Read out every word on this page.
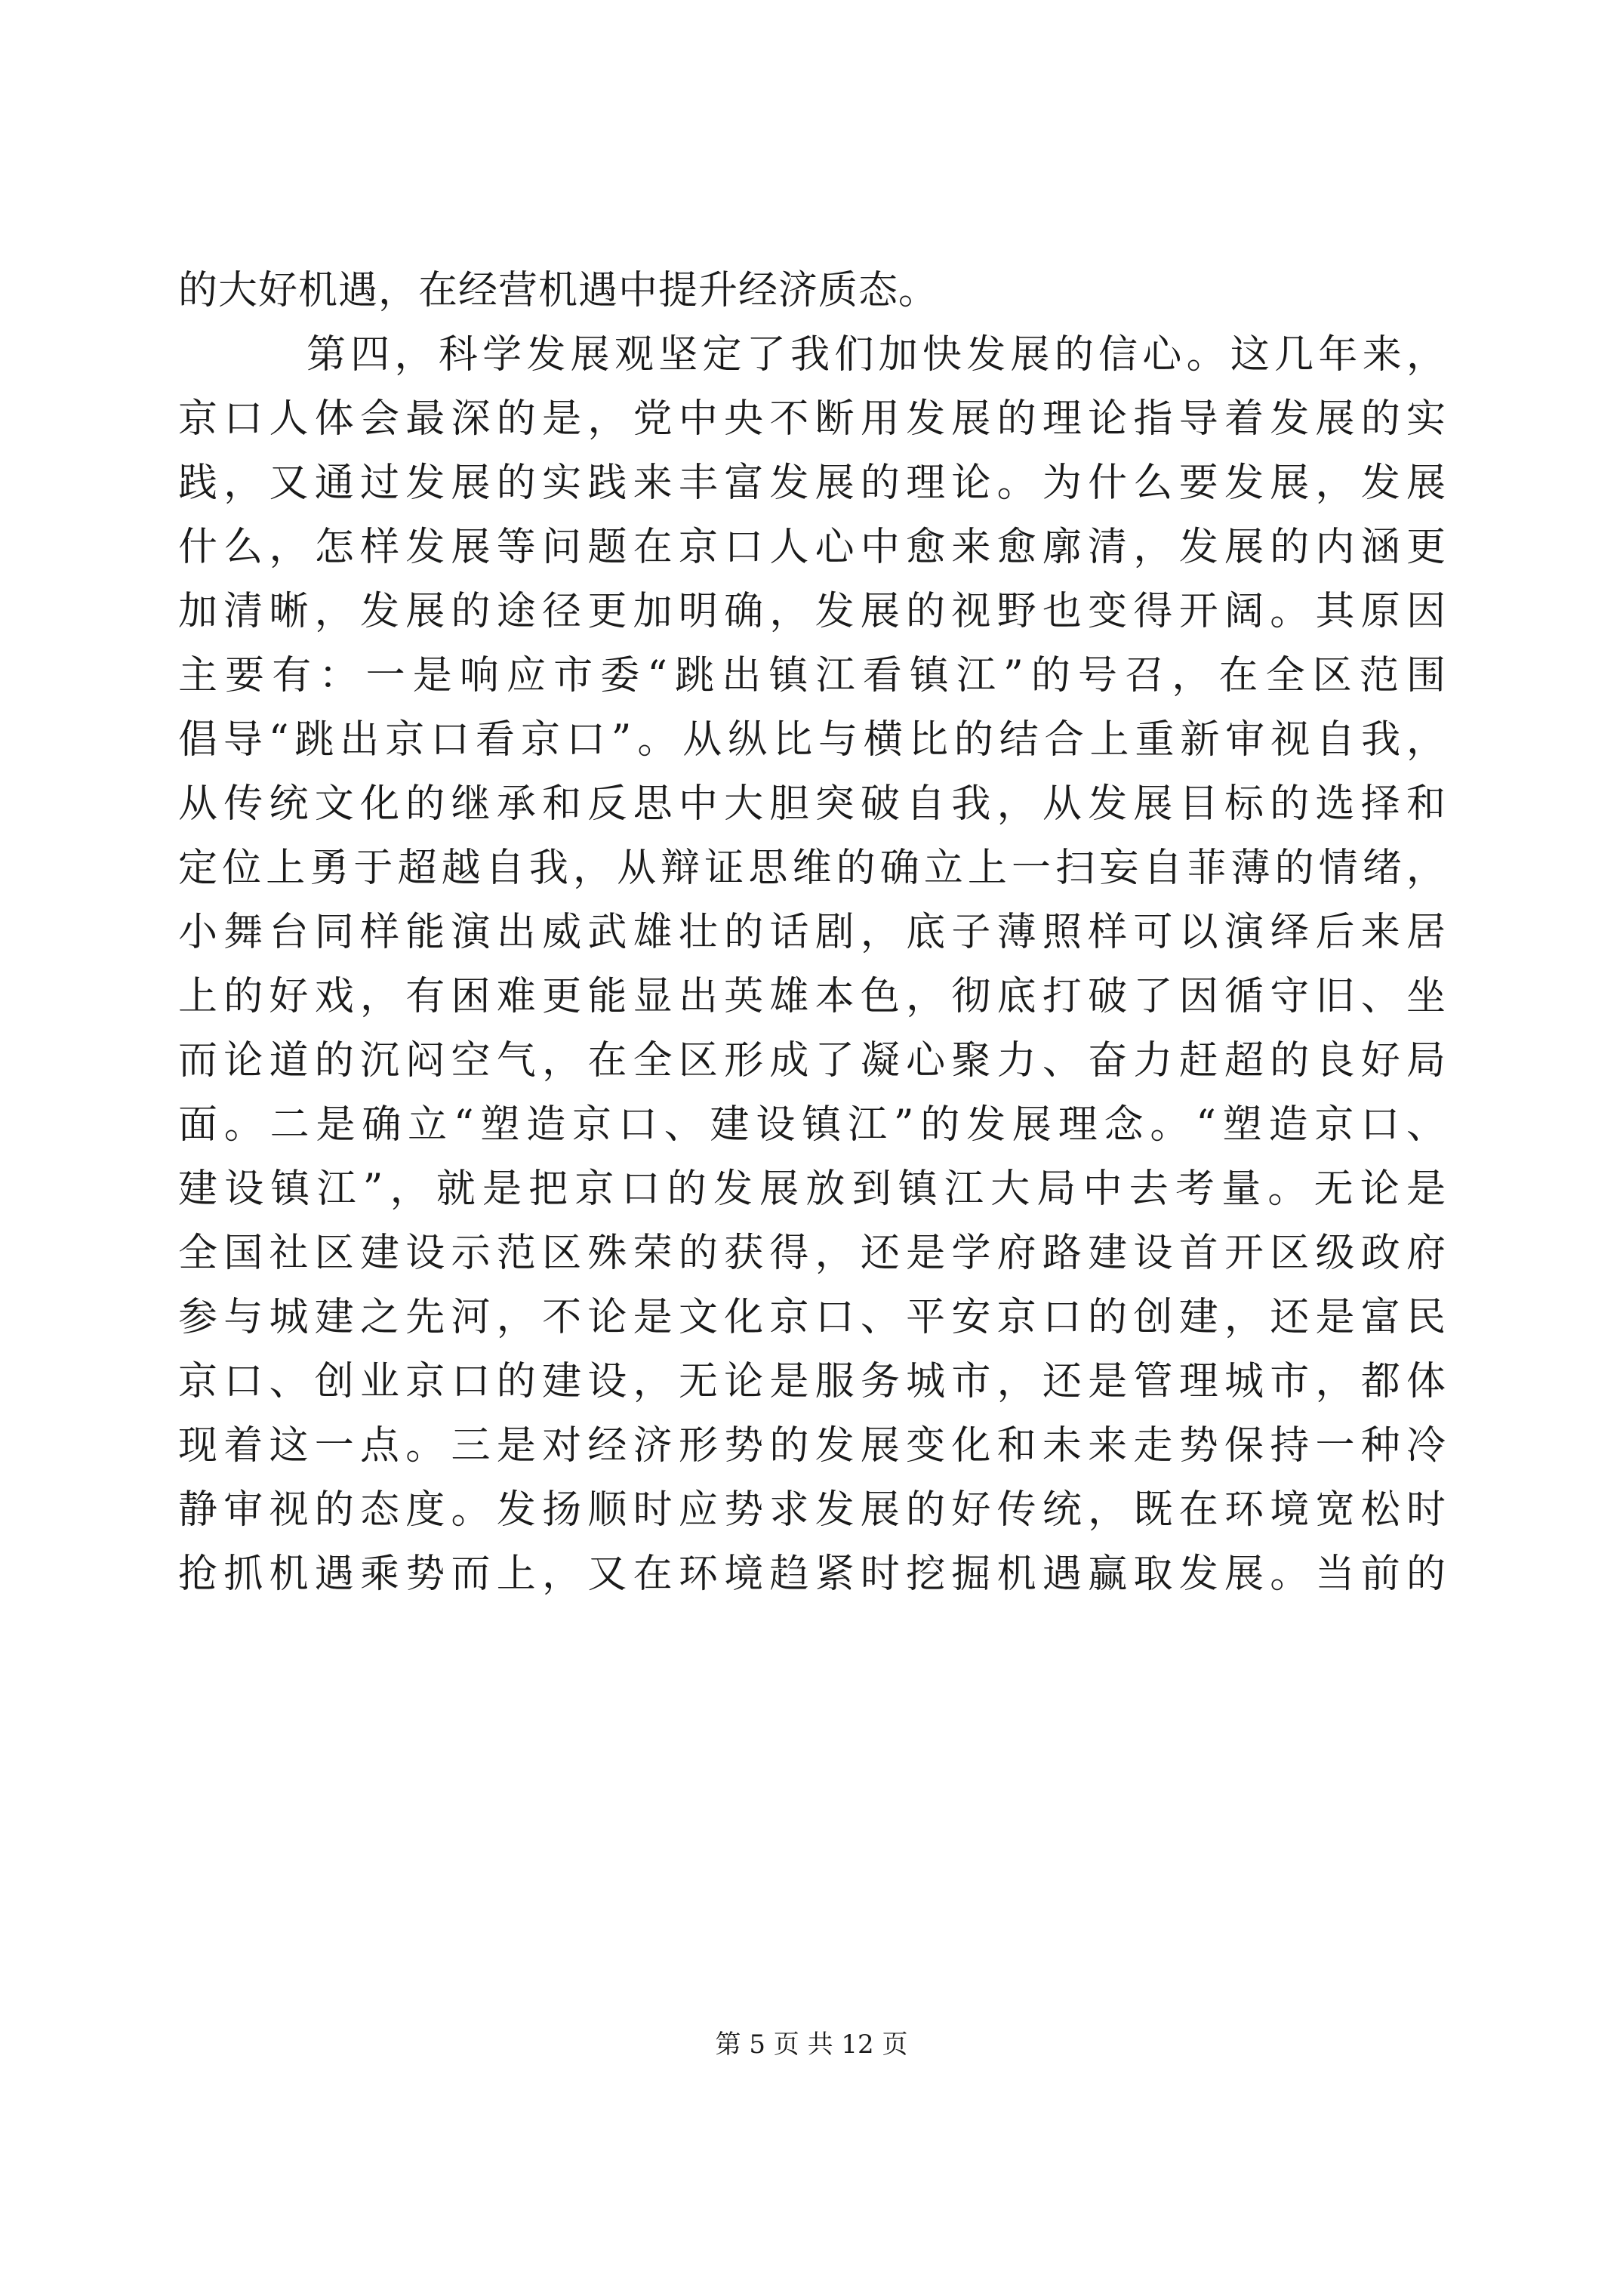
的大好机遇，在经营机遇中提升经济质态。
第四，科学发展观坚定了我们加快发展的信心。这几年来，
京口人体会最深的是，党中央不断用发展的理论指导着发展的实
践，又通过发展的实践来丰富发展的理论。为什么要发展，发展
什么，怎样发展等问题在京口人心中愈来愈廓清，发展的内涵更
加清晰，发展的途径更加明确，发展的视野也变得开阔。其原因
主要有：一是响应市委“跳出镇江看镇江”的号召，在全区范围
倡导“跳出京口看京口”。从纵比与横比的结合上重新审视自我，
从传统文化的继承和反思中大胆突破自我，从发展目标的选择和
定位上勇于超越自我，从辩证思维的确立上一扫妄自菲薄的情绪，
小舞台同样能演出威武雄壮的话剧，底子薄照样可以演绎后来居
上的好戏，有困难更能显出英雄本色，彻底打破了因循守旧、坐
而论道的沉闷空气，在全区形成了凝心聚力、奋力赶超的良好局
面。二是确立“塑造京口、建设镇江”的发展理念。“塑造京口、
建设镇江”，就是把京口的发展放到镇江大局中去考量。无论是
全国社区建设示范区殊荣的获得，还是学府路建设首开区级政府
参与城建之先河，不论是文化京口、平安京口的创建，还是富民
京口、创业京口的建设，无论是服务城市，还是管理城市，都体
现着这一点。三是对经济形势的发展变化和未来走势保持一种冷
静审视的态度。发扬顺时应势求发展的好传统，既在环境宽松时
抢抓机遇乘势而上，又在环境趋紧时挖掘机遇赢取发展。当前的
第 5 页 共 12 页
